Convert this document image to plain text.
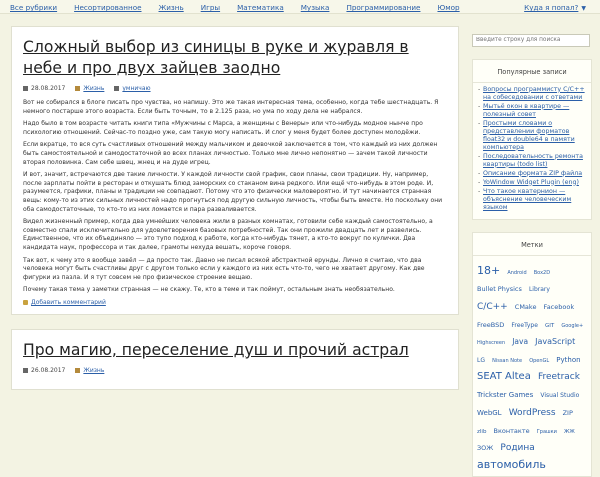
Все рубрики Несортированное Жизнь Игры Математика Музыка Программирование Юмор	Куда я попал? ▼
Сложный выбор из синицы в руке и журавля в небе и про двух зайцев заодно
28.08.2017	Жизнь	умничаю

Вот не собирался в блоге писать про чувства, но напишу. Это же такая интересная тема, особенно, когда тебе шестнадцать. Я немного постарше этого возраста. Если быть точным, то в 2.125 раза, но ума по ходу дела не набрался.

Надо было в том возрасте читать книги типа «Мужчины с Марса, а женщины с Венеры» или что-нибудь модное нынче про психологию отношений. Сейчас-то поздно уже, сам такую могу написать. И слог у меня будет более доступен молодёжи.

Если вкратце, то вся суть счастливых отношений между мальчиком и девочкой заключается в том, что каждый из них должен быть самостоятельной и самодостаточной во всех планах личностью. Только мне лично непонятно — зачем такой личности вторая половинка. Сам себе швец, жнец и на дуде игрец.

И вот, значит, встречаются две такие личности. У каждой личности свой график, свои планы, свои традиции. Ну, например, после зарплаты пойти в ресторан и откушать блюд заморских со стаканом вина редкого. Или ещё что-нибудь в этом роде. И, разумеется, графики, планы и традиции не совпадают. Потому что это физически маловероятно. И тут начинается странная вещь: кому-то из этих сильных личностей надо прогнуться под другую сильную личность, чтобы быть вместе. Но поскольку они оба самодостаточные, то кто-то из них ломается и пара разваливается.

Видел жизненный пример, когда два умнейших человека жили в разных комнатах, готовили себе каждый самостоятельно, а совместно спали исключительно для удовлетворения базовых потребностей. Так они прожили двадцать лет и развелись. Единственное, что их объединяло — это тупо подход к работе, когда кто-нибудь тянет, а кто-то вокруг по кулички. Два кандидата наук, профессора и так далее, грамоты нехуда вешать, короче говоря.

Так вот, к чему это я вообще завёл — да просто так. Давно не писал всякой абстрактной ерунды. Лично я считаю, что два человека могут быть счастливы друг с другом только если у каждого из них есть что-то, чего не хватает другому. Как две фигурки из пазла. И я тут совсем не про физическое строение вещаю.

Почему такая тема у заметки странная — не скажу. Те, кто в теме и так поймут, остальным знать необязательно.

Добавить комментарий
Про магию, переселение душ и прочий астрал
26.08.2017	Жизнь
Введите строку для поиска
Популярные записи
- Вопросы программисту C/C++ на собеседовании с ответами
- Мытьё окон в квартире — полезный совет
- Простыми словами о представлении форматов float32 и double64 в памяти компьютера
- Последовательность ремонта квартиры (todo list)
- Описание формата ZIP файла
- YoWindow Widget Plugin (eng)
- Что такое кватернион — объяснение человеческим языком
Метки
18+ Android Box2D Bullet Physics Library C/C++ CMake Facebook FreeBSD FreeType GIT Google+ Highscreen Java JavaScript LG Nissan Note OpenGL Python SEAT Altea Freetrack Trickster Games Visual Studio WebGL WordPress ZIP zlib Вконтакте Грашки ЖЖ ЗОЖ Родина автомобиль
